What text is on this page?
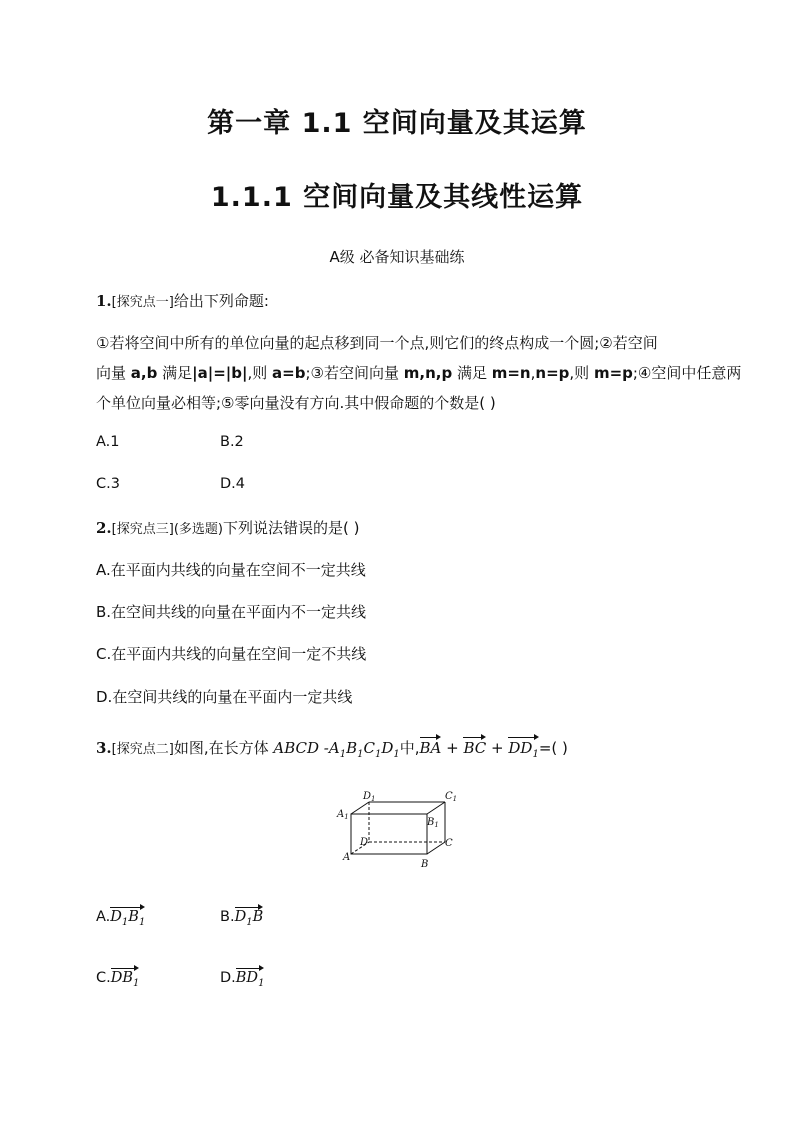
第一章 1.1 空间向量及其运算
1.1.1 空间向量及其线性运算
A级 必备知识基础练
1.[探究点一]给出下列命题:
①若将空间中所有的单位向量的起点移到同一个点,则它们的终点构成一个圆;②若空间
向量 a,b 满足|a|=|b|,则 a=b;③若空间向量 m,n,p 满足 m=n,n=p,则 m=p;④空间中任意两
个单位向量必相等;⑤零向量没有方向.其中假命题的个数是( )
A.1	B.2
C.3	D.4
2.[探究点三](多选题)下列说法错误的是( )
A.在平面内共线的向量在空间不一定共线
B.在空间共线的向量在平面内不一定共线
C.在平面内共线的向量在空间一定不共线
D.在空间共线的向量在平面内一定共线
3.[探究点二]如图,在长方体 ABCD $-A_1B_1C_1D_1$中,BA + BC + $DD_1=$( )
$D_1$	$C_1$
$A_1$	$B_1$
D	C
A
B
$A.D_1B_1$	$B.D_1B$
$C.DB_1$	$D.BD_1$
